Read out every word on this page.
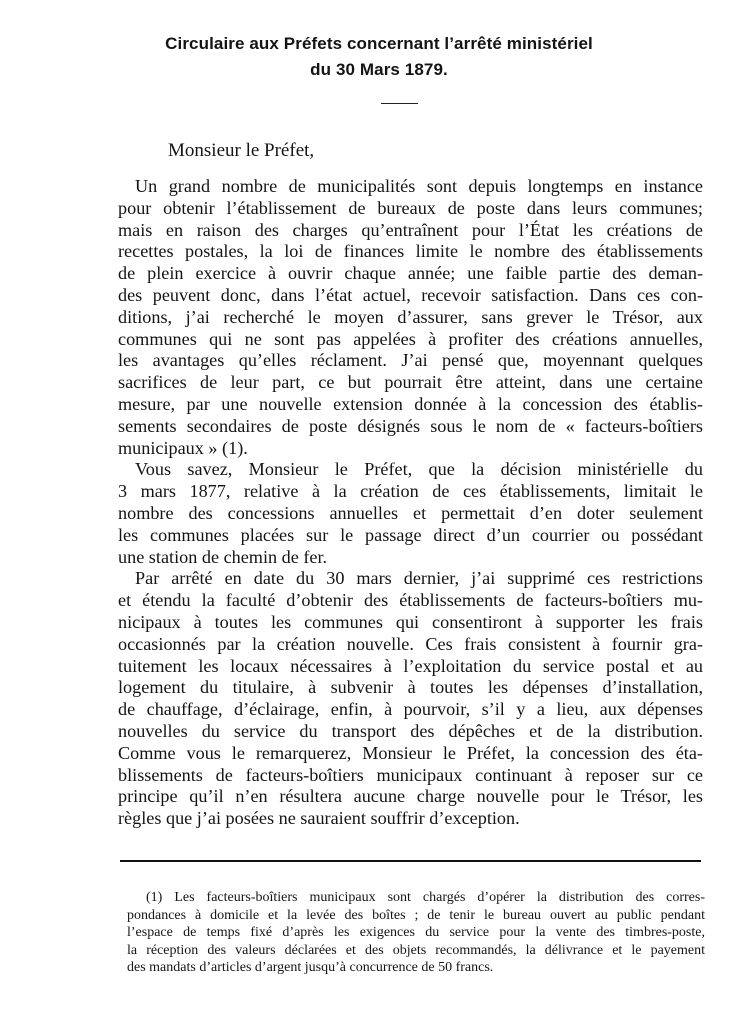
Circulaire aux Préfets concernant l’arrêté ministériel
du 30 Mars 1879.
Monsieur le Préfet,
Un grand nombre de municipalités sont depuis longtemps en instance
pour obtenir l’établissement de bureaux de poste dans leurs communes;
mais en raison des charges qu’entraînent pour l’État les créations de
recettes postales, la loi de finances limite le nombre des établissements
de plein exercice à ouvrir chaque année; une faible partie des deman-
des peuvent donc, dans l’état actuel, recevoir satisfaction. Dans ces con-
ditions, j’ai recherché le moyen d’assurer, sans grever le Trésor, aux
communes qui ne sont pas appelées à profiter des créations annuelles,
les avantages qu’elles réclament. J’ai pensé que, moyennant quelques
sacrifices de leur part, ce but pourrait être atteint, dans une certaine
mesure, par une nouvelle extension donnée à la concession des établis-
sements secondaires de poste désignés sous le nom de « facteurs-boîtiers
municipaux » (1).
Vous savez, Monsieur le Préfet, que la décision ministérielle du
3 mars 1877, relative à la création de ces établissements, limitait le
nombre des concessions annuelles et permettait d’en doter seulement
les communes placées sur le passage direct d’un courrier ou possédant
une station de chemin de fer.
Par arrêté en date du 30 mars dernier, j’ai supprimé ces restrictions
et étendu la faculté d’obtenir des établissements de facteurs-boîtiers mu-
nicipaux à toutes les communes qui consentiront à supporter les frais
occasionnés par la création nouvelle. Ces frais consistent à fournir gra-
tuitement les locaux nécessaires à l’exploitation du service postal et au
logement du titulaire, à subvenir à toutes les dépenses d’installation,
de chauffage, d’éclairage, enfin, à pourvoir, s’il y a lieu, aux dépenses
nouvelles du service du transport des dépêches et de la distribution.
Comme vous le remarquerez, Monsieur le Préfet, la concession des éta-
blissements de facteurs-boîtiers municipaux continuant à reposer sur ce
principe qu’il n’en résultera aucune charge nouvelle pour le Trésor, les
règles que j’ai posées ne sauraient souffrir d’exception.
(1) Les facteurs-boîtiers municipaux sont chargés d’opérer la distribution des corres-
pondances à domicile et la levée des boîtes ; de tenir le bureau ouvert au public pendant
l’espace de temps fixé d’après les exigences du service pour la vente des timbres-poste,
la réception des valeurs déclarées et des objets recommandés, la délivrance et le payement
des mandats d’articles d’argent jusqu’à concurrence de 50 francs.
